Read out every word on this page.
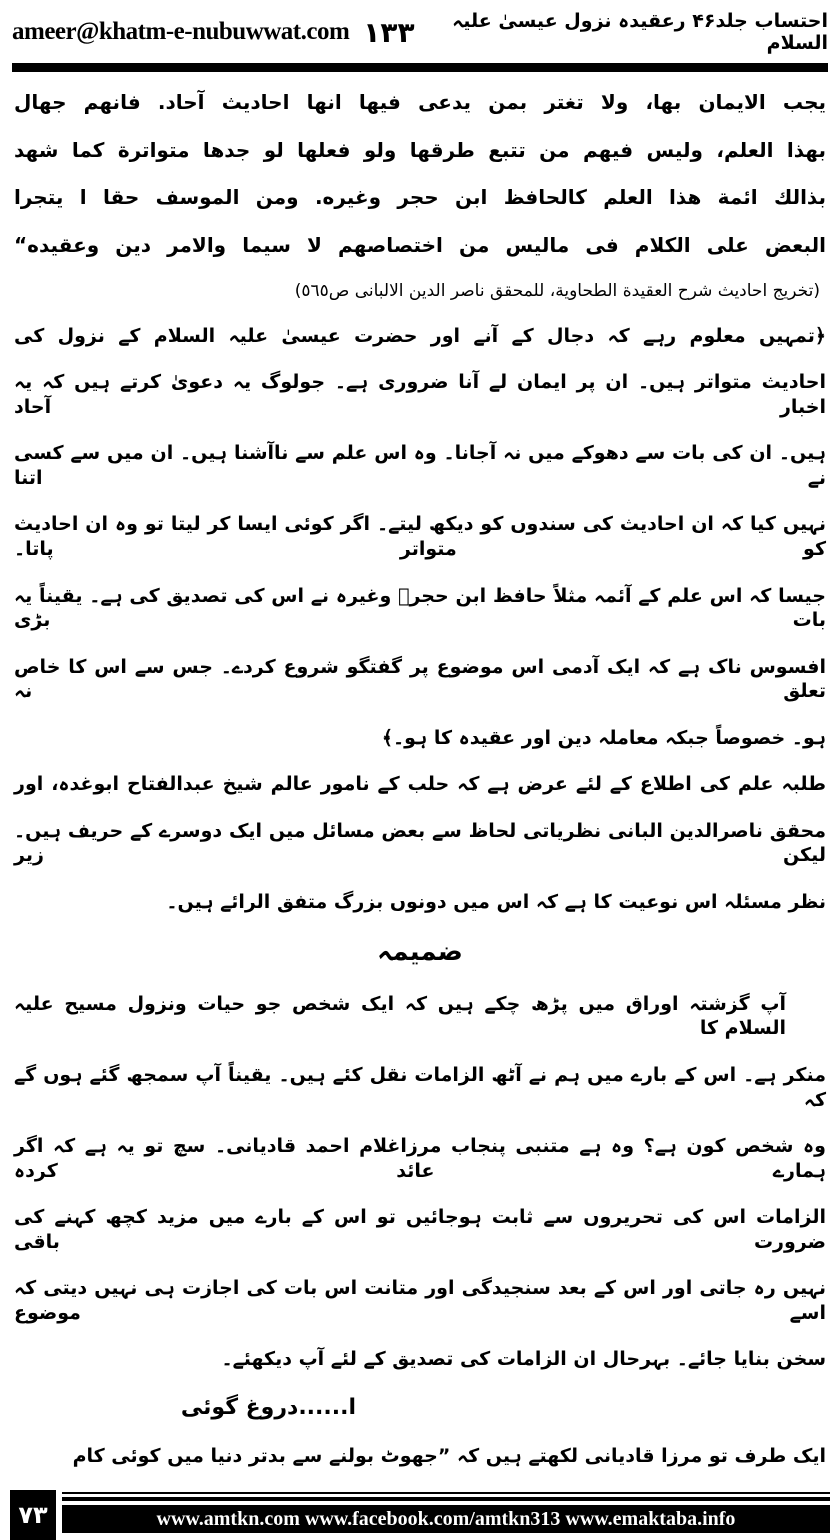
ameer@khatm-e-nubuwwat.com ۱۳۳	احتساب جلد۴۶ رعقیدہ نزول عیسیٰ علیہ السلام
يجب الايمان بها، ولا تغتر بمن يدعى فيها انها احاديث آحاد. فانهم جهال
بهذا العلم، وليس فيهم من تتبع طرقها ولو فعلها لو جدها متواترة كما شهد
بذالك ائمة هذا العلم كالحافظ ابن حجر وغيره. ومن الموسف حقا ا يتجرا
البعض على الكلام فى ماليس من اختصاصهم لا سيما والامر دين وعقيده“
(تخريج احاديث شرح العقيدة الطحاوية، للمحقق ناصر الدين الالبانى ص٥٦٥)
﴿تمہیں معلوم رہے کہ دجال کے آنے اور حضرت عیسیٰ علیہ السلام کے نزول کی
احادیث متواتر ہیں۔ ان پر ایمان لے آنا ضروری ہے۔ جولوگ یہ دعویٰ کرتے ہیں کہ یہ اخبار آحاد
ہیں۔ ان کی بات سے دھوکے میں نہ آجانا۔ وہ اس علم سے ناآشنا ہیں۔ ان میں سے کسی نے اتنا
نہیں کیا کہ ان احادیث کی سندوں کو دیکھ لیتے۔ اگر کوئی ایسا کر لیتا تو وہ ان احادیث کو متواتر پاتا۔
جیسا کہ اس علم کے آئمہ مثلاً حافظ ابن حجرؒ وغیرہ نے اس کی تصدیق کی ہے۔ یقیناً یہ بات بڑی
افسوس ناک ہے کہ ایک آدمی اس موضوع پر گفتگو شروع کردے۔ جس سے اس کا خاص تعلق نہ
ہو۔ خصوصاً جبکہ معاملہ دین اور عقیدہ کا ہو۔﴾
طلبہ علم کی اطلاع کے لئے عرض ہے کہ حلب کے نامور عالم شیخ عبدالفتاح ابوغدہ، اور
محقق ناصرالدین البانی نظریاتی لحاظ سے بعض مسائل میں ایک دوسرے کے حریف ہیں۔ لیکن زیر
نظر مسئلہ اس نوعیت کا ہے کہ اس میں دونوں بزرگ متفق الرائے ہیں۔
ضمیمہ
آپ گزشتہ اوراق میں پڑھ چکے ہیں کہ ایک شخص جو حیات ونزول مسیح علیہ السلام کا
منکر ہے۔ اس کے بارے میں ہم نے آٹھ الزامات نقل کئے ہیں۔ یقیناً آپ سمجھ گئے ہوں گے کہ
وہ شخص کون ہے؟ وہ ہے متنبی پنجاب مرزاغلام احمد قادیانی۔ سچ تو یہ ہے کہ اگر ہمارے عائد کردہ
الزامات اس کی تحریروں سے ثابت ہوجائیں تو اس کے بارے میں مزید کچھ کہنے کی ضرورت باقی
نہیں رہ جاتی اور اس کے بعد سنجیدگی اور متانت اس بات کی اجازت ہی نہیں دیتی کہ اسے موضوع
سخن بنایا جائے۔ بہرحال ان الزامات کی تصدیق کے لئے آپ دیکھئے۔
ا......دروغ گوئی
ایک طرف تو مرزا قادیانی لکھتے ہیں کہ ”جھوٹ بولنے سے بدتر دنیا میں کوئی کام
۷۳	www.amtkn.com www.facebook.com/amtkn313 www.emaktaba.info
